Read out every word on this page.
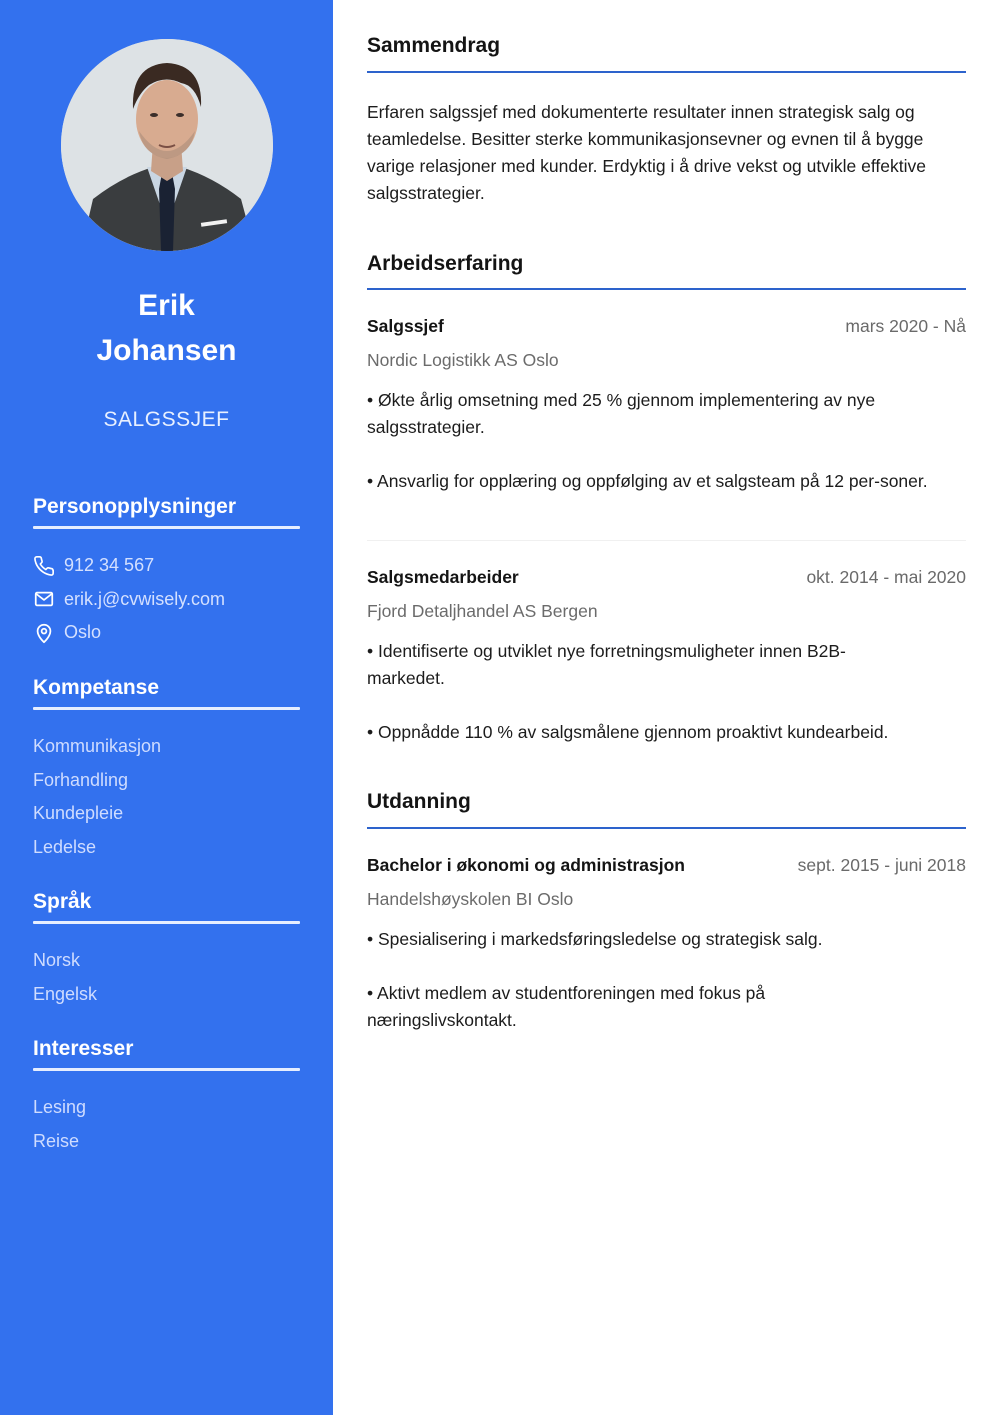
Erik
Johansen
SALGSSJEF
Personopplysninger
912 34 567
erik.j@cvwisely.com
Oslo
Kompetanse
Kommunikasjon
Forhandling
Kundepleie
Ledelse
Språk
Norsk
Engelsk
Interesser
Lesing
Reise
Sammendrag

Erfaren salgssjef med dokumenterte resultater innen strategisk salg og teamledelse. Besitter sterke kommunikasjonsevner og evnen til å bygge varige relasjoner med kunder. Erdyktig i å drive vekst og utvikle effektive salgsstrategier.

Arbeidserfaring
Salgssjef	mars 2020 - Nå
Nordic Logistikk AS Oslo

• Økte årlig omsetning med 25 % gjennom implementering av nye salgsstrategier.

• Ansvarlig for opplæring og oppfølging av et salgsteam på 12 per-soner.

Salgsmedarbeider	okt. 2014 - mai 2020
Fjord Detaljhandel AS Bergen

• Identifiserte og utviklet nye forretningsmuligheter innen B2B-markedet.

• Oppnådde 110 % av salgsmålene gjennom proaktivt kundearbeid.

Utdanning
Bachelor i økonomi og administrasjon	sept. 2015 - juni 2018
Handelshøyskolen BI Oslo

• Spesialisering i markedsføringsledelse og strategisk salg.

• Aktivt medlem av studentforeningen med fokus på næringslivskontakt.
